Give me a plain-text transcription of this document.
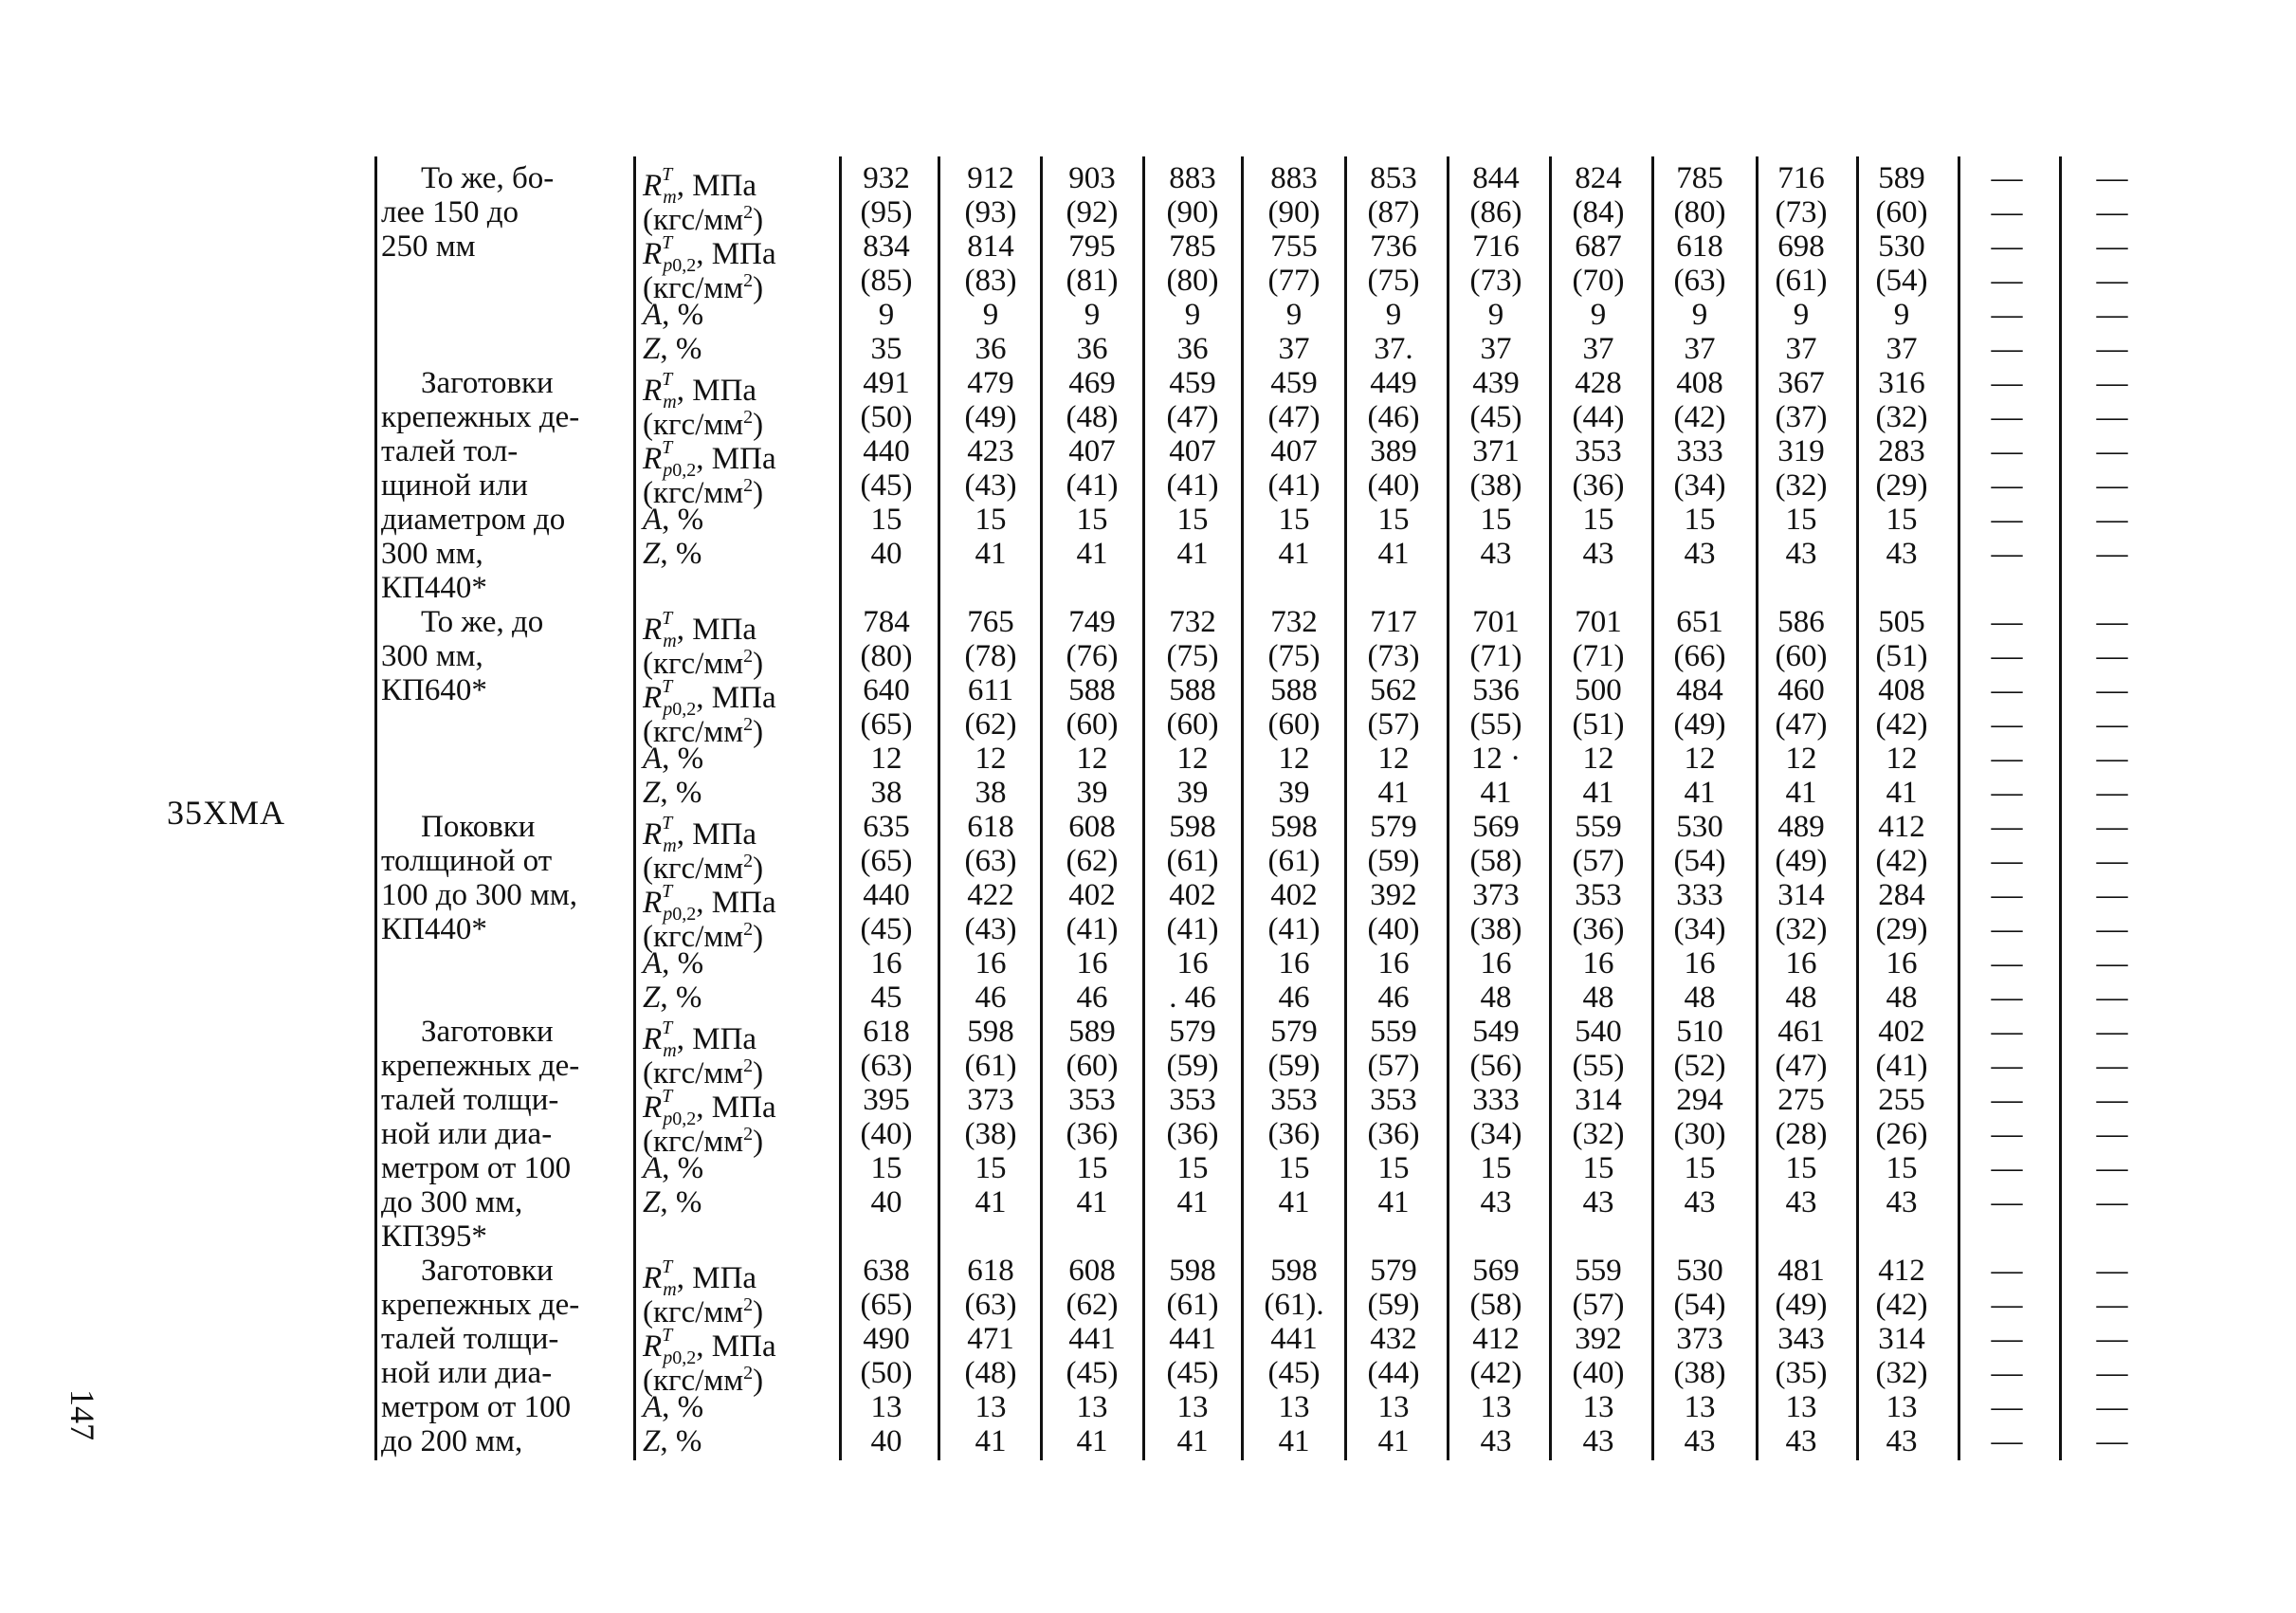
35ХМА
147
То же, бо-
лее 150 до
250 мм
$R^T_m$, МПа	932	912	903	883	883	853	844	824	785	716	589	—	—
$(кгс/мм^2)$	(95)	(93)	(92)	(90)	(90)	(87)	(86)	(84)	(80)	(73)	(60)	—	—
$R^T_{p0,2}$, МПа	834	814	795	785	755	736	716	687	618	698	530	—	—
$(кгс/мм^2)$	(85)	(83)	(81)	(80)	(77)	(75)	(73)	(70)	(63)	(61)	(54)	—	—
A, %	9	9	9	9	9	9	9	9	9	9	9	—	—
Z, %	35	36	36	36	37	37.	37	37	37	37	37	—	—
Заготовки
крепежных де-
талей тол-
щиной или
диаметром до
300 мм,
КП440*
$R^T_m$, МПа	491	479	469	459	459	449	439	428	408	367	316	—	—
$(кгс/мм^2)$	(50)	(49)	(48)	(47)	(47)	(46)	(45)	(44)	(42)	(37)	(32)	—	—
$R^T_{p0,2}$, МПа	440	423	407	407	407	389	371	353	333	319	283	—	—
$(кгс/мм^2)$	(45)	(43)	(41)	(41)	(41)	(40)	(38)	(36)	(34)	(32)	(29)	—	—
A, %	15	15	15	15	15	15	15	15	15	15	15	—	—
Z, %	40	41	41	41	41	41	43	43	43	43	43	—	—
То же, до
300 мм,
КП640*
$R^T_m$, МПа	784	765	749	732	732	717	701	701	651	586	505	—	—
$(кгс/мм^2)$	(80)	(78)	(76)	(75)	(75)	(73)	(71)	(71)	(66)	(60)	(51)	—	—
$R^T_{p0,2}$, МПа	640	611	588	588	588	562	536	500	484	460	408	—	—
$(кгс/мм^2)$	(65)	(62)	(60)	(60)	(60)	(57)	(55)	(51)	(49)	(47)	(42)	—	—
A, %	12	12	12	12	12	12	12 ·	12	12	12	12	—	—
Z, %	38	38	39	39	39	41	41	41	41	41	41	—	—
Поковки
толщиной от
100 до 300 мм,
КП440*
$R^T_m$, МПа	635	618	608	598	598	579	569	559	530	489	412	—	—
$(кгс/мм^2)$	(65)	(63)	(62)	(61)	(61)	(59)	(58)	(57)	(54)	(49)	(42)	—	—
$R^T_{p0,2}$, МПа	440	422	402	402	402	392	373	353	333	314	284	—	—
$(кгс/мм^2)$	(45)	(43)	(41)	(41)	(41)	(40)	(38)	(36)	(34)	(32)	(29)	—	—
A, %	16	16	16	16	16	16	16	16	16	16	16	—	—
Z, %	45	46	46	. 46	46	46	48	48	48	48	48	—	—
Заготовки
крепежных де-
талей толщи-
ной или диа-
метром от 100
до 300 мм,
КП395*
$R^T_m$, МПа	618	598	589	579	579	559	549	540	510	461	402	—	—
$(кгс/мм^2)$	(63)	(61)	(60)	(59)	(59)	(57)	(56)	(55)	(52)	(47)	(41)	—	—
$R^T_{p0,2}$, МПа	395	373	353	353	353	353	333	314	294	275	255	—	—
$(кгс/мм^2)$	(40)	(38)	(36)	(36)	(36)	(36)	(34)	(32)	(30)	(28)	(26)	—	—
A, %	15	15	15	15	15	15	15	15	15	15	15	—	—
Z, %	40	41	41	41	41	41	43	43	43	43	43	—	—
Заготовки
крепежных де-
талей толщи-
ной или диа-
метром от 100
до 200 мм,
$R^T_m$, МПа	638	618	608	598	598	579	569	559	530	481	412	—	—
$(кгс/мм^2)$	(65)	(63)	(62)	(61)	(61).	(59)	(58)	(57)	(54)	(49)	(42)	—	—
$R^T_{p0,2}$, МПа	490	471	441	441	441	432	412	392	373	343	314	—	—
$(кгс/мм^2)$	(50)	(48)	(45)	(45)	(45)	(44)	(42)	(40)	(38)	(35)	(32)	—	—
A, %	13	13	13	13	13	13	13	13	13	13	13	—	—
Z, %	40	41	41	41	41	41	43	43	43	43	43	—	—
